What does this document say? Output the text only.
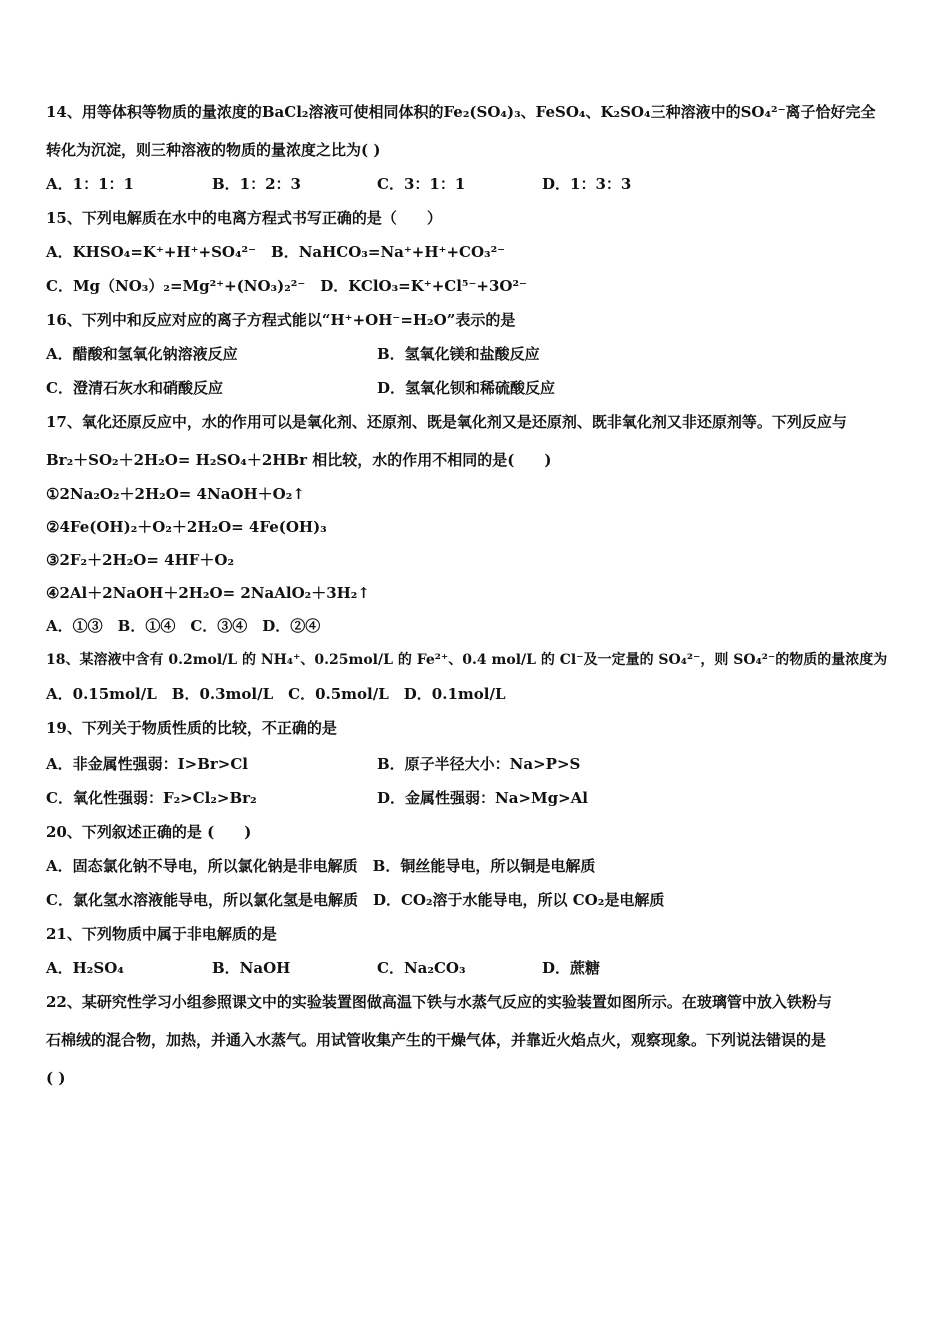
14、用等体积等物质的量浓度的BaCl₂溶液可使相同体积的Fe₂(SO₄)₃、FeSO₄、K₂SO₄三种溶液中的SO₄²⁻离子恰好完全
转化为沉淀，则三种溶液的物质的量浓度之比为( )
A．1：1：1	B．1：2：3	C．3：1：1	D．1：3：3
15、下列电解质在水中的电离方程式书写正确的是（　　）
A．KHSO₄=K⁺+H⁺+SO₄²⁻　B．NaHCO₃=Na⁺+H⁺+CO₃²⁻
C．Mg（NO₃）₂=Mg²⁺+(NO₃)₂²⁻　D．KClO₃=K⁺+Cl⁵⁻+3O²⁻
16、下列中和反应对应的离子方程式能以“H⁺+OH⁻=H₂O”表示的是
A．醋酸和氢氧化钠溶液反应	B．氢氧化镁和盐酸反应
C．澄清石灰水和硝酸反应	D．氢氧化钡和稀硫酸反应
17、氧化还原反应中，水的作用可以是氧化剂、还原剂、既是氧化剂又是还原剂、既非氧化剂又非还原剂等。下列反应与
Br₂＋SO₂＋2H₂O= H₂SO₄＋2HBr 相比较，水的作用不相同的是(　　)
①2Na₂O₂＋2H₂O= 4NaOH＋O₂↑
②4Fe(OH)₂＋O₂＋2H₂O= 4Fe(OH)₃
③2F₂＋2H₂O= 4HF＋O₂
④2Al＋2NaOH＋2H₂O= 2NaAlO₂＋3H₂↑
A．①③　B．①④　C．③④　D．②④
18、某溶液中含有 0.2mol/L 的 NH₄⁺、0.25mol/L 的 Fe²⁺、0.4 mol/L 的 Cl⁻及一定量的 SO₄²⁻，则 SO₄²⁻的物质的量浓度为
A．0.15mol/L　B．0.3mol/L　C．0.5mol/L　D．0.1mol/L
19、下列关于物质性质的比较，不正确的是
A．非金属性强弱：I>Br>Cl	B．原子半径大小：Na>P>S
C．氧化性强弱：F₂>Cl₂>Br₂	D．金属性强弱：Na>Mg>Al
20、下列叙述正确的是 (　　)
A．固态氯化钠不导电，所以氯化钠是非电解质　B．铜丝能导电，所以铜是电解质
C．氯化氢水溶液能导电，所以氯化氢是电解质　D．CO₂溶于水能导电，所以 CO₂是电解质
21、下列物质中属于非电解质的是
A．H₂SO₄	B．NaOH	C．Na₂CO₃	D．蔗糖
22、某研究性学习小组参照课文中的实验装置图做高温下铁与水蒸气反应的实验装置如图所示。在玻璃管中放入铁粉与
石棉绒的混合物，加热，并通入水蒸气。用试管收集产生的干燥气体，并靠近火焰点火，观察现象。下列说法错误的是
( )
